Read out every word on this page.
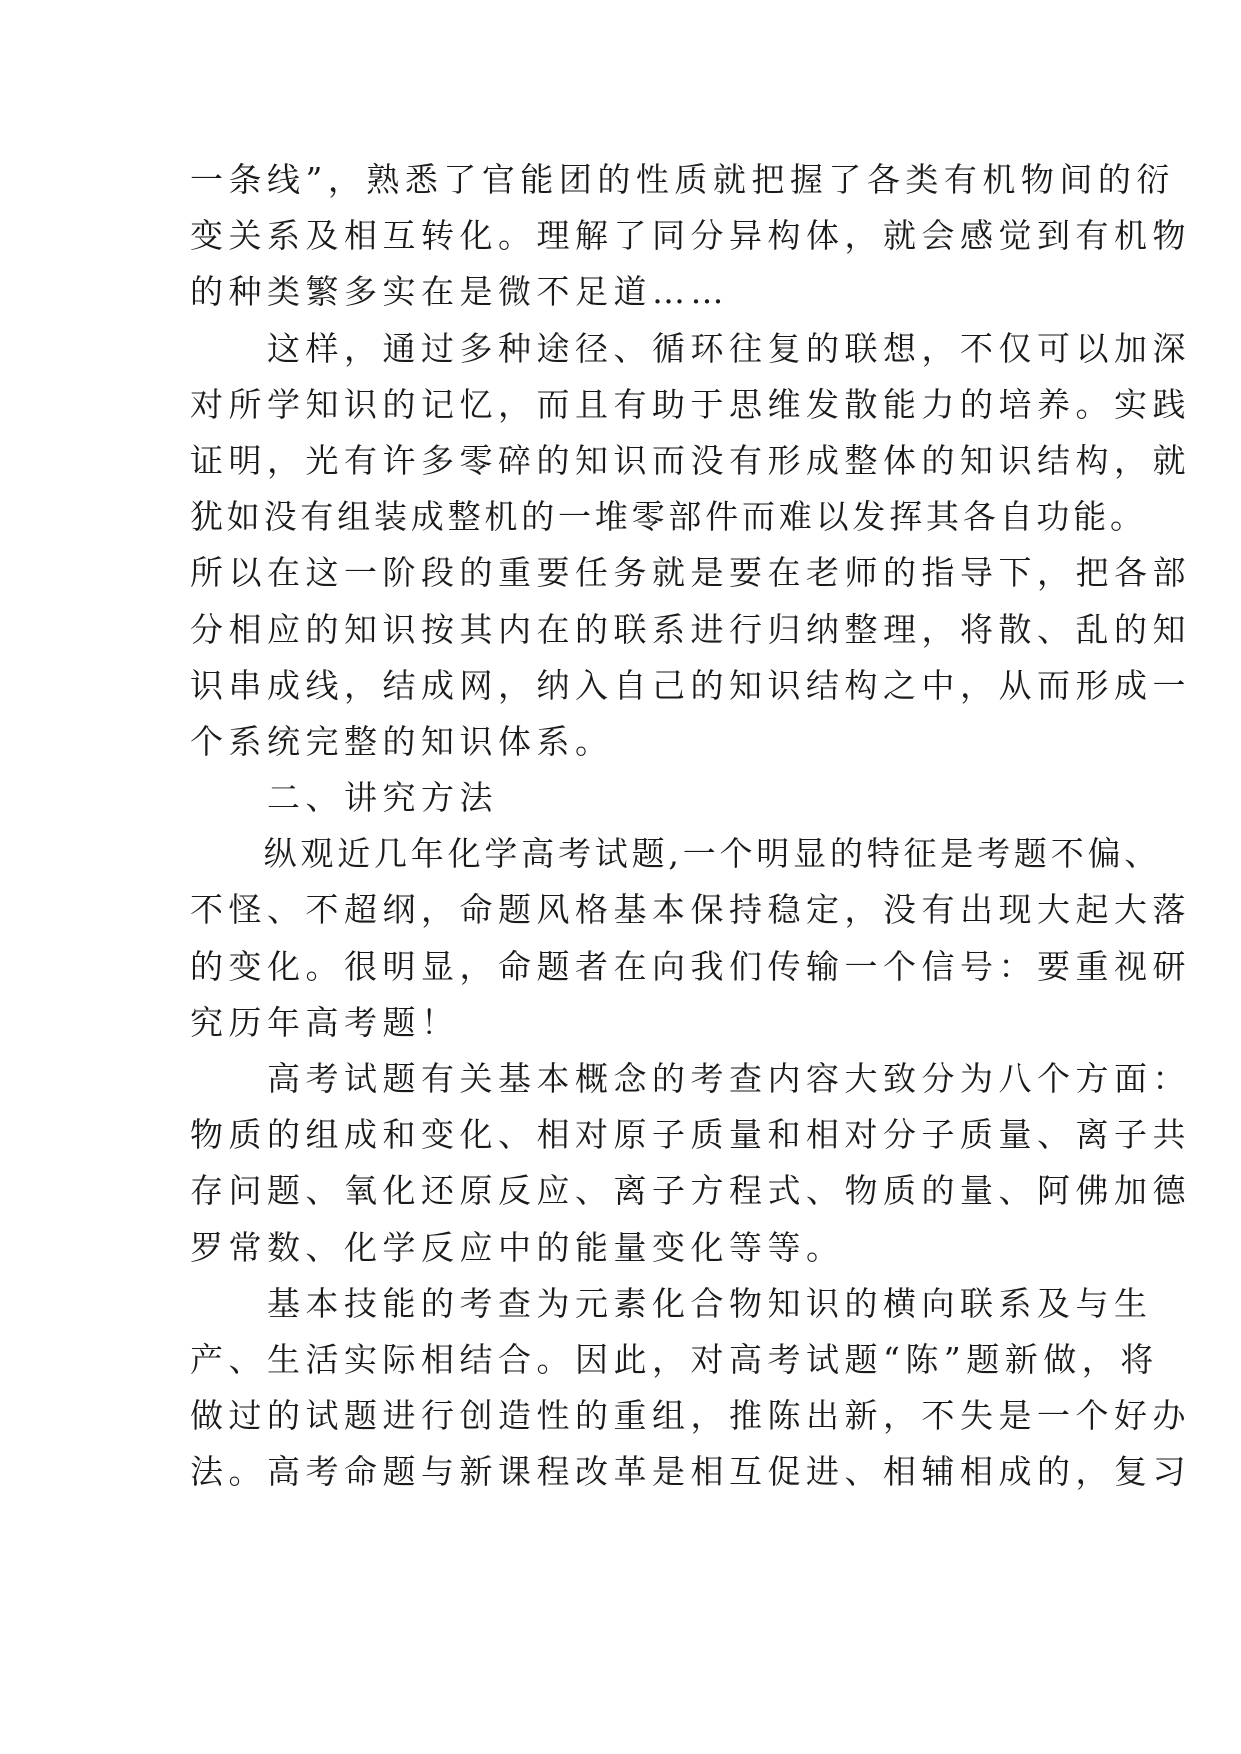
一条线”，熟悉了官能团的性质就把握了各类有机物间的衍
变关系及相互转化。理解了同分异构体，就会感觉到有机物
的种类繁多实在是微不足道……
　　这样，通过多种途径、循环往复的联想，不仅可以加深
对所学知识的记忆，而且有助于思维发散能力的培养。实践
证明，光有许多零碎的知识而没有形成整体的知识结构，就
犹如没有组装成整机的一堆零部件而难以发挥其各自功能。
所以在这一阶段的重要任务就是要在老师的指导下，把各部
分相应的知识按其内在的联系进行归纳整理，将散、乱的知
识串成线，结成网，纳入自己的知识结构之中，从而形成一
个系统完整的知识体系。
　　二、讲究方法
　　纵观近几年化学高考试题,一个明显的特征是考题不偏、
不怪、不超纲，命题风格基本保持稳定，没有出现大起大落
的变化。很明显，命题者在向我们传输一个信号：要重视研
究历年高考题！
　　高考试题有关基本概念的考查内容大致分为八个方面：
物质的组成和变化、相对原子质量和相对分子质量、离子共
存问题、氧化还原反应、离子方程式、物质的量、阿佛加德
罗常数、化学反应中的能量变化等等。
　　基本技能的考查为元素化合物知识的横向联系及与生
产、生活实际相结合。因此，对高考试题“陈”题新做，将
做过的试题进行创造性的重组，推陈出新，不失是一个好办
法。高考命题与新课程改革是相互促进、相辅相成的，复习
